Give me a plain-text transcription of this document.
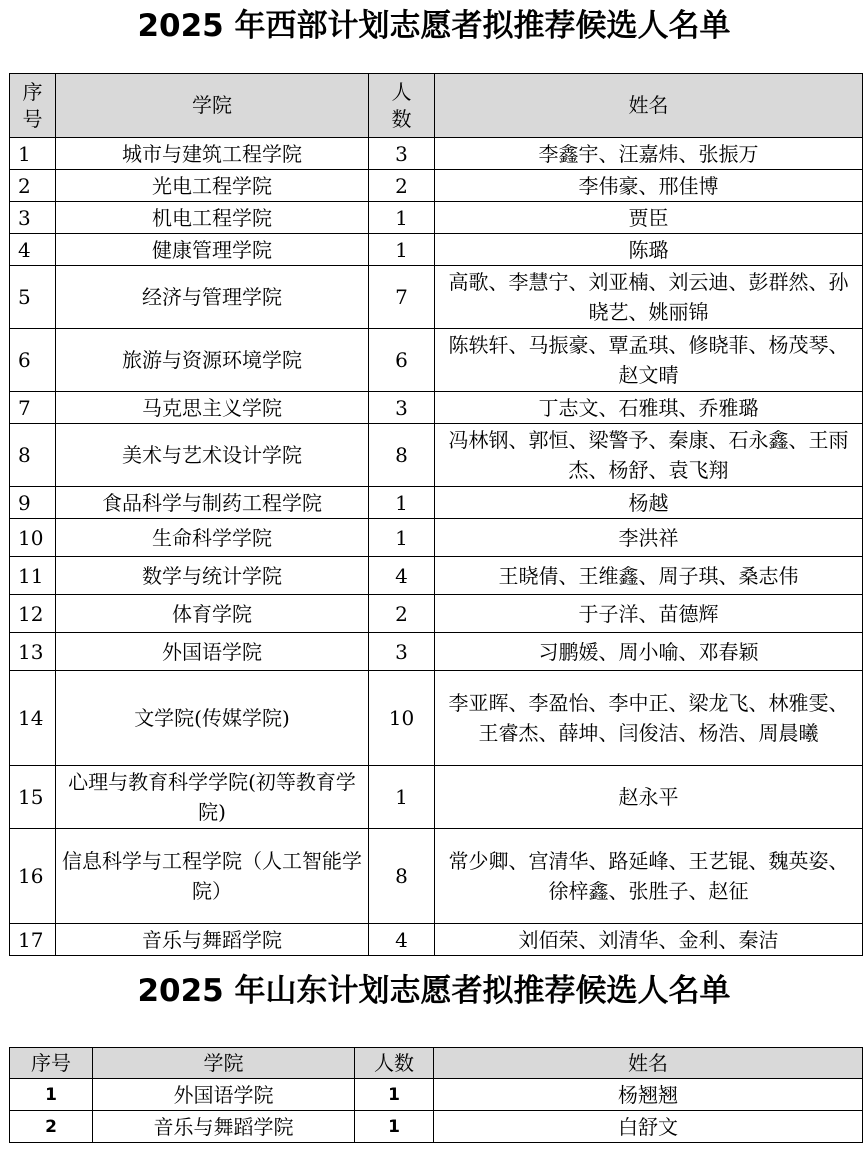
2025 年西部计划志愿者拟推荐候选人名单
序号	学院	人数	姓名
1	城市与建筑工程学院	3	李鑫宇、汪嘉炜、张振万
2	光电工程学院	2	李伟豪、邢佳博
3	机电工程学院	1	贾臣
4	健康管理学院	1	陈璐
5	经济与管理学院	7	高歌、李慧宁、刘亚楠、刘云迪、彭群然、孙晓艺、姚丽锦
6	旅游与资源环境学院	6	陈轶轩、马振豪、覃孟琪、修晓菲、杨茂琴、赵文晴
7	马克思主义学院	3	丁志文、石雅琪、乔雅璐
8	美术与艺术设计学院	8	冯林钢、郭恒、梁警予、秦康、石永鑫、王雨杰、杨舒、袁飞翔
9	食品科学与制药工程学院	1	杨越
10	生命科学学院	1	李洪祥
11	数学与统计学院	4	王晓倩、王维鑫、周子琪、桑志伟
12	体育学院	2	于子洋、苗德辉
13	外国语学院	3	习鹏媛、周小喻、邓春颖
14	文学院(传媒学院)	10	李亚晖、李盈怡、李中正、梁龙飞、林雅雯、王睿杰、薛坤、闫俊洁、杨浩、周晨曦
15	心理与教育科学学院(初等教育学院)	1	赵永平
16	信息科学与工程学院（人工智能学院）	8	常少卿、宫清华、路延峰、王艺锟、魏英姿、徐梓鑫、张胜子、赵征
17	音乐与舞蹈学院	4	刘佰荣、刘清华、金利、秦洁
2025 年山东计划志愿者拟推荐候选人名单
序号	学院	人数	姓名
1	外国语学院	1	杨翘翘
2	音乐与舞蹈学院	1	白舒文
